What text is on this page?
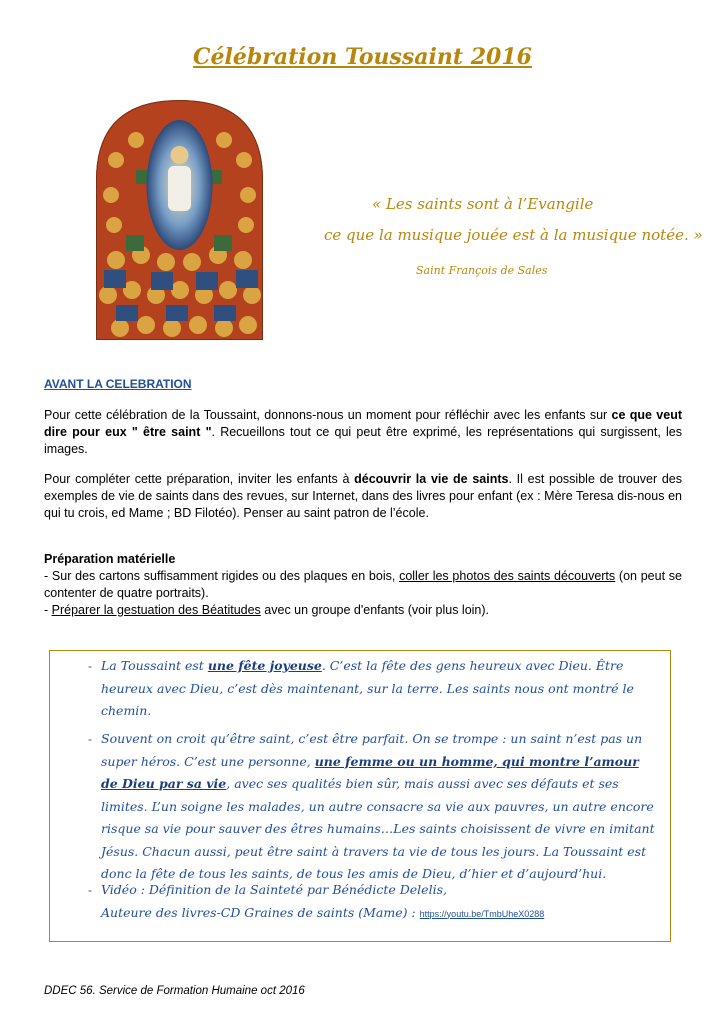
Célébration Toussaint 2016
« Les saints sont à l’Evangile
ce que la musique jouée est à la musique notée. »
Saint François de Sales
AVANT LA CELEBRATION
Pour cette célébration de la Toussaint, donnons-nous un moment pour réfléchir avec les enfants sur ce que veut dire pour eux " être saint ". Recueillons tout ce qui peut être exprimé, les représentations qui surgissent, les images.
Pour compléter cette préparation, inviter les enfants à découvrir la vie de saints. Il est possible de trouver des exemples de vie de saints dans des revues, sur Internet, dans des livres pour enfant (ex : Mère Teresa dis-nous en qui tu crois, ed Mame ; BD Filotéo). Penser au saint patron de l’école.
Préparation matérielle
- Sur des cartons suffisamment rigides ou des plaques en bois, coller les photos des saints découverts (on peut se contenter de quatre portraits).
- Préparer la gestuation des Béatitudes avec un groupe d'enfants (voir plus loin).
- La Toussaint est une fête joyeuse. C’est la fête des gens heureux avec Dieu. Être heureux avec Dieu, c’est dès maintenant, sur la terre. Les saints nous ont montré le chemin.
- Souvent on croit qu’être saint, c’est être parfait. On se trompe : un saint n’est pas un super héros. C’est une personne, une femme ou un homme, qui montre l’amour de Dieu par sa vie, avec ses qualités bien sûr, mais aussi avec ses défauts et ses limites. L’un soigne les malades, un autre consacre sa vie aux pauvres, un autre encore risque sa vie pour sauver des êtres humains…Les saints choisissent de vivre en imitant Jésus. Chacun aussi, peut être saint à travers ta vie de tous les jours. La Toussaint est donc la fête de tous les saints, de tous les amis de Dieu, d’hier et d’aujourd’hui.
- Vidéo : Définition de la Sainteté par Bénédicte Delelis,
Auteure des livres-CD Graines de saints (Mame) : https://youtu.be/TmbUheX0288
DDEC 56. Service de Formation Humaine oct 2016
